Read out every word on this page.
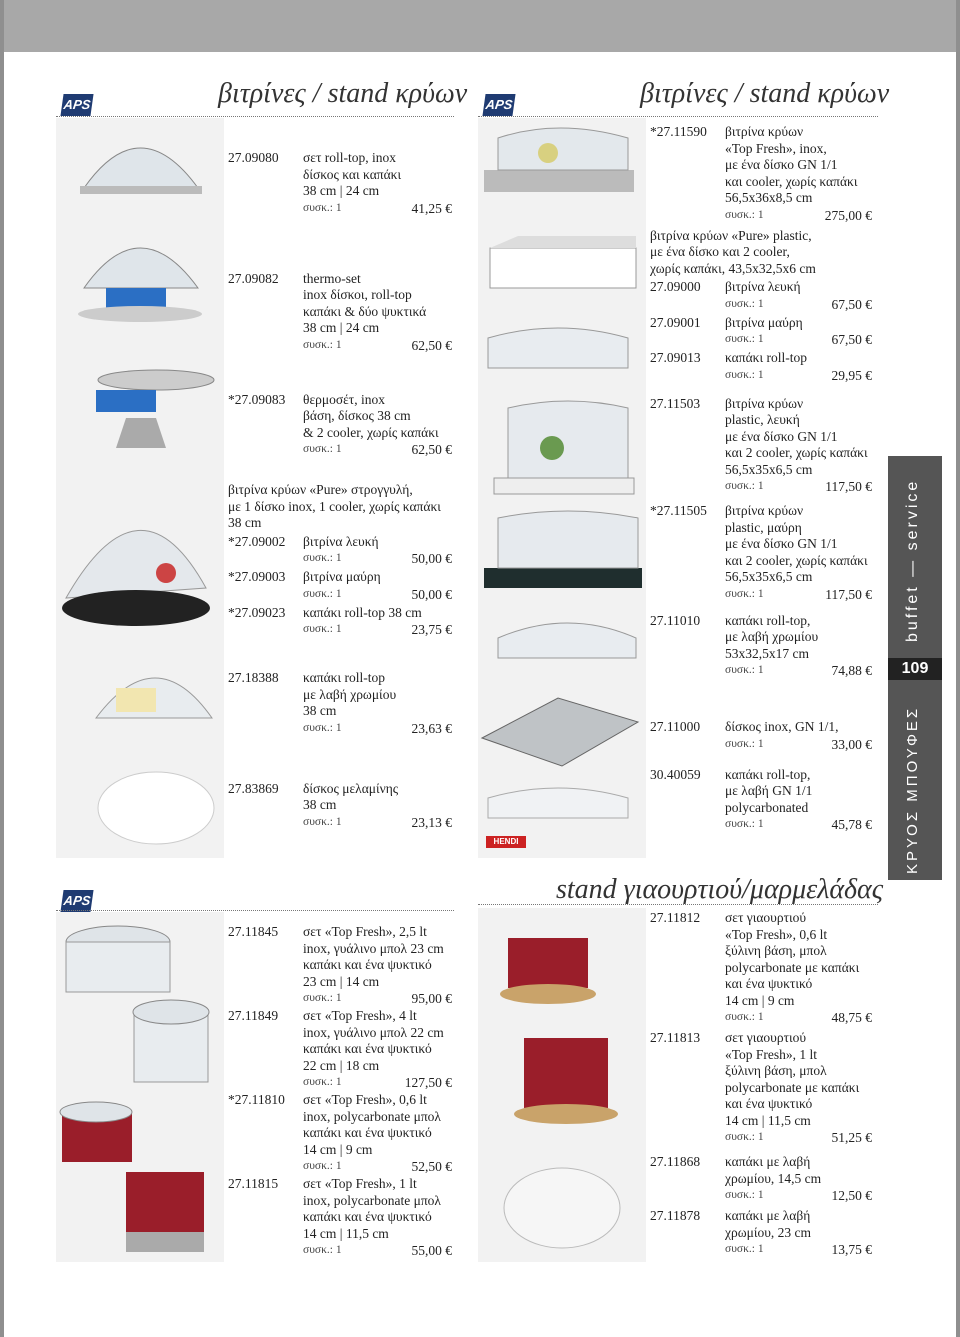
APS	βιτρίνες / stand κρύων APS	βιτρίνες / stand κρύων
APS	stand γιαουρτιού/μαρμελάδας
HENDI
27.09080 σετ roll-top, inox
δίσκος και καπάκι
38 cm | 24 cm
συσκ.: 1	41,25 €
27.09082 thermo-set
inox δίσκοι, roll-top
καπάκι & δύο ψυκτικά
38 cm | 24 cm
συσκ.: 1	62,50 €
*27.09083 θερμοσέτ, inox
βάση, δίσκος 38 cm
& 2 cooler, χωρίς καπάκι
συσκ.: 1	62,50 €
βιτρίνα κρύων «Pure» στρογγυλή,
με 1 δίσκο inox, 1 cooler, χωρίς καπάκι
38 cm
*27.09002 βιτρίνα λευκή
συσκ.: 1	50,00 €
*27.09003 βιτρίνα μαύρη
συσκ.: 1	50,00 €
*27.09023 καπάκι roll-top 38 cm
συσκ.: 1	23,75 €
27.18388 καπάκι roll-top
με λαβή χρωμίου
38 cm
συσκ.: 1	23,63 €
27.83869 δίσκος μελαμίνης
38 cm
συσκ.: 1	23,13 €
*27.11590 βιτρίνα κρύων
«Top Fresh», inox,
με ένα δίσκο GN 1/1
και cooler, χωρίς καπάκι
56,5x36x8,5 cm
συσκ.: 1	275,00 €
βιτρίνα κρύων «Pure» plastic,
με ένα δίσκο και 2 cooler,
χωρίς καπάκι, 43,5x32,5x6 cm
27.09000 βιτρίνα λευκή
συσκ.: 1	67,50 €
27.09001 βιτρίνα μαύρη
συσκ.: 1	67,50 €
27.09013 καπάκι roll-top
συσκ.: 1	29,95 €
27.11503 βιτρίνα κρύων
plastic, λευκή
με ένα δίσκο GN 1/1
και 2 cooler, χωρίς καπάκι
56,5x35x6,5 cm
συσκ.: 1	117,50 €
*27.11505 βιτρίνα κρύων
plastic, μαύρη
με ένα δίσκο GN 1/1
και 2 cooler, χωρίς καπάκι
56,5x35x6,5 cm
συσκ.: 1	117,50 €
27.11010 καπάκι roll-top,
με λαβή χρωμίου
53x32,5x17 cm
συσκ.: 1	74,88 €
27.11000 δίσκος inox, GN 1/1,
συσκ.: 1	33,00 €
30.40059 καπάκι roll-top,
με λαβή GN 1/1
polycarbonated
συσκ.: 1	45,78 €
27.11845 σετ «Top Fresh», 2,5 lt
inox, γυάλινο μπολ 23 cm
καπάκι και ένα ψυκτικό
23 cm | 14 cm
συσκ.: 1	95,00 €
27.11849 σετ «Top Fresh», 4 lt
inox, γυάλινο μπολ 22 cm
καπάκι και ένα ψυκτικό
22 cm | 18 cm
συσκ.: 1	127,50 €
*27.11810 σετ «Top Fresh», 0,6 lt
inox, polycarbonate μπολ
καπάκι και ένα ψυκτικό
14 cm | 9 cm
συσκ.: 1	52,50 €
27.11815 σετ «Top Fresh», 1 lt
inox, polycarbonate μπολ
καπάκι και ένα ψυκτικό
14 cm | 11,5 cm
συσκ.: 1	55,00 €
27.11812 σετ γιαουρτιού
«Top Fresh», 0,6 lt
ξύλινη βάση, μπολ
polycarbonate με καπάκι
και ένα ψυκτικό
14 cm | 9 cm
συσκ.: 1	48,75 €
27.11813 σετ γιαουρτιού
«Top Fresh», 1 lt
ξύλινη βάση, μπολ
polycarbonate με καπάκι
και ένα ψυκτικό
14 cm | 11,5 cm
συσκ.: 1	51,25 €
27.11868 καπάκι με λαβή
χρωμίου, 14,5 cm
συσκ.: 1	12,50 €
27.11878 καπάκι με λαβή
χρωμίου, 23 cm
συσκ.: 1	13,75 €
buffet — service
ΚΡΥΟΣ ΜΠΟΥΦΕΣ
109
